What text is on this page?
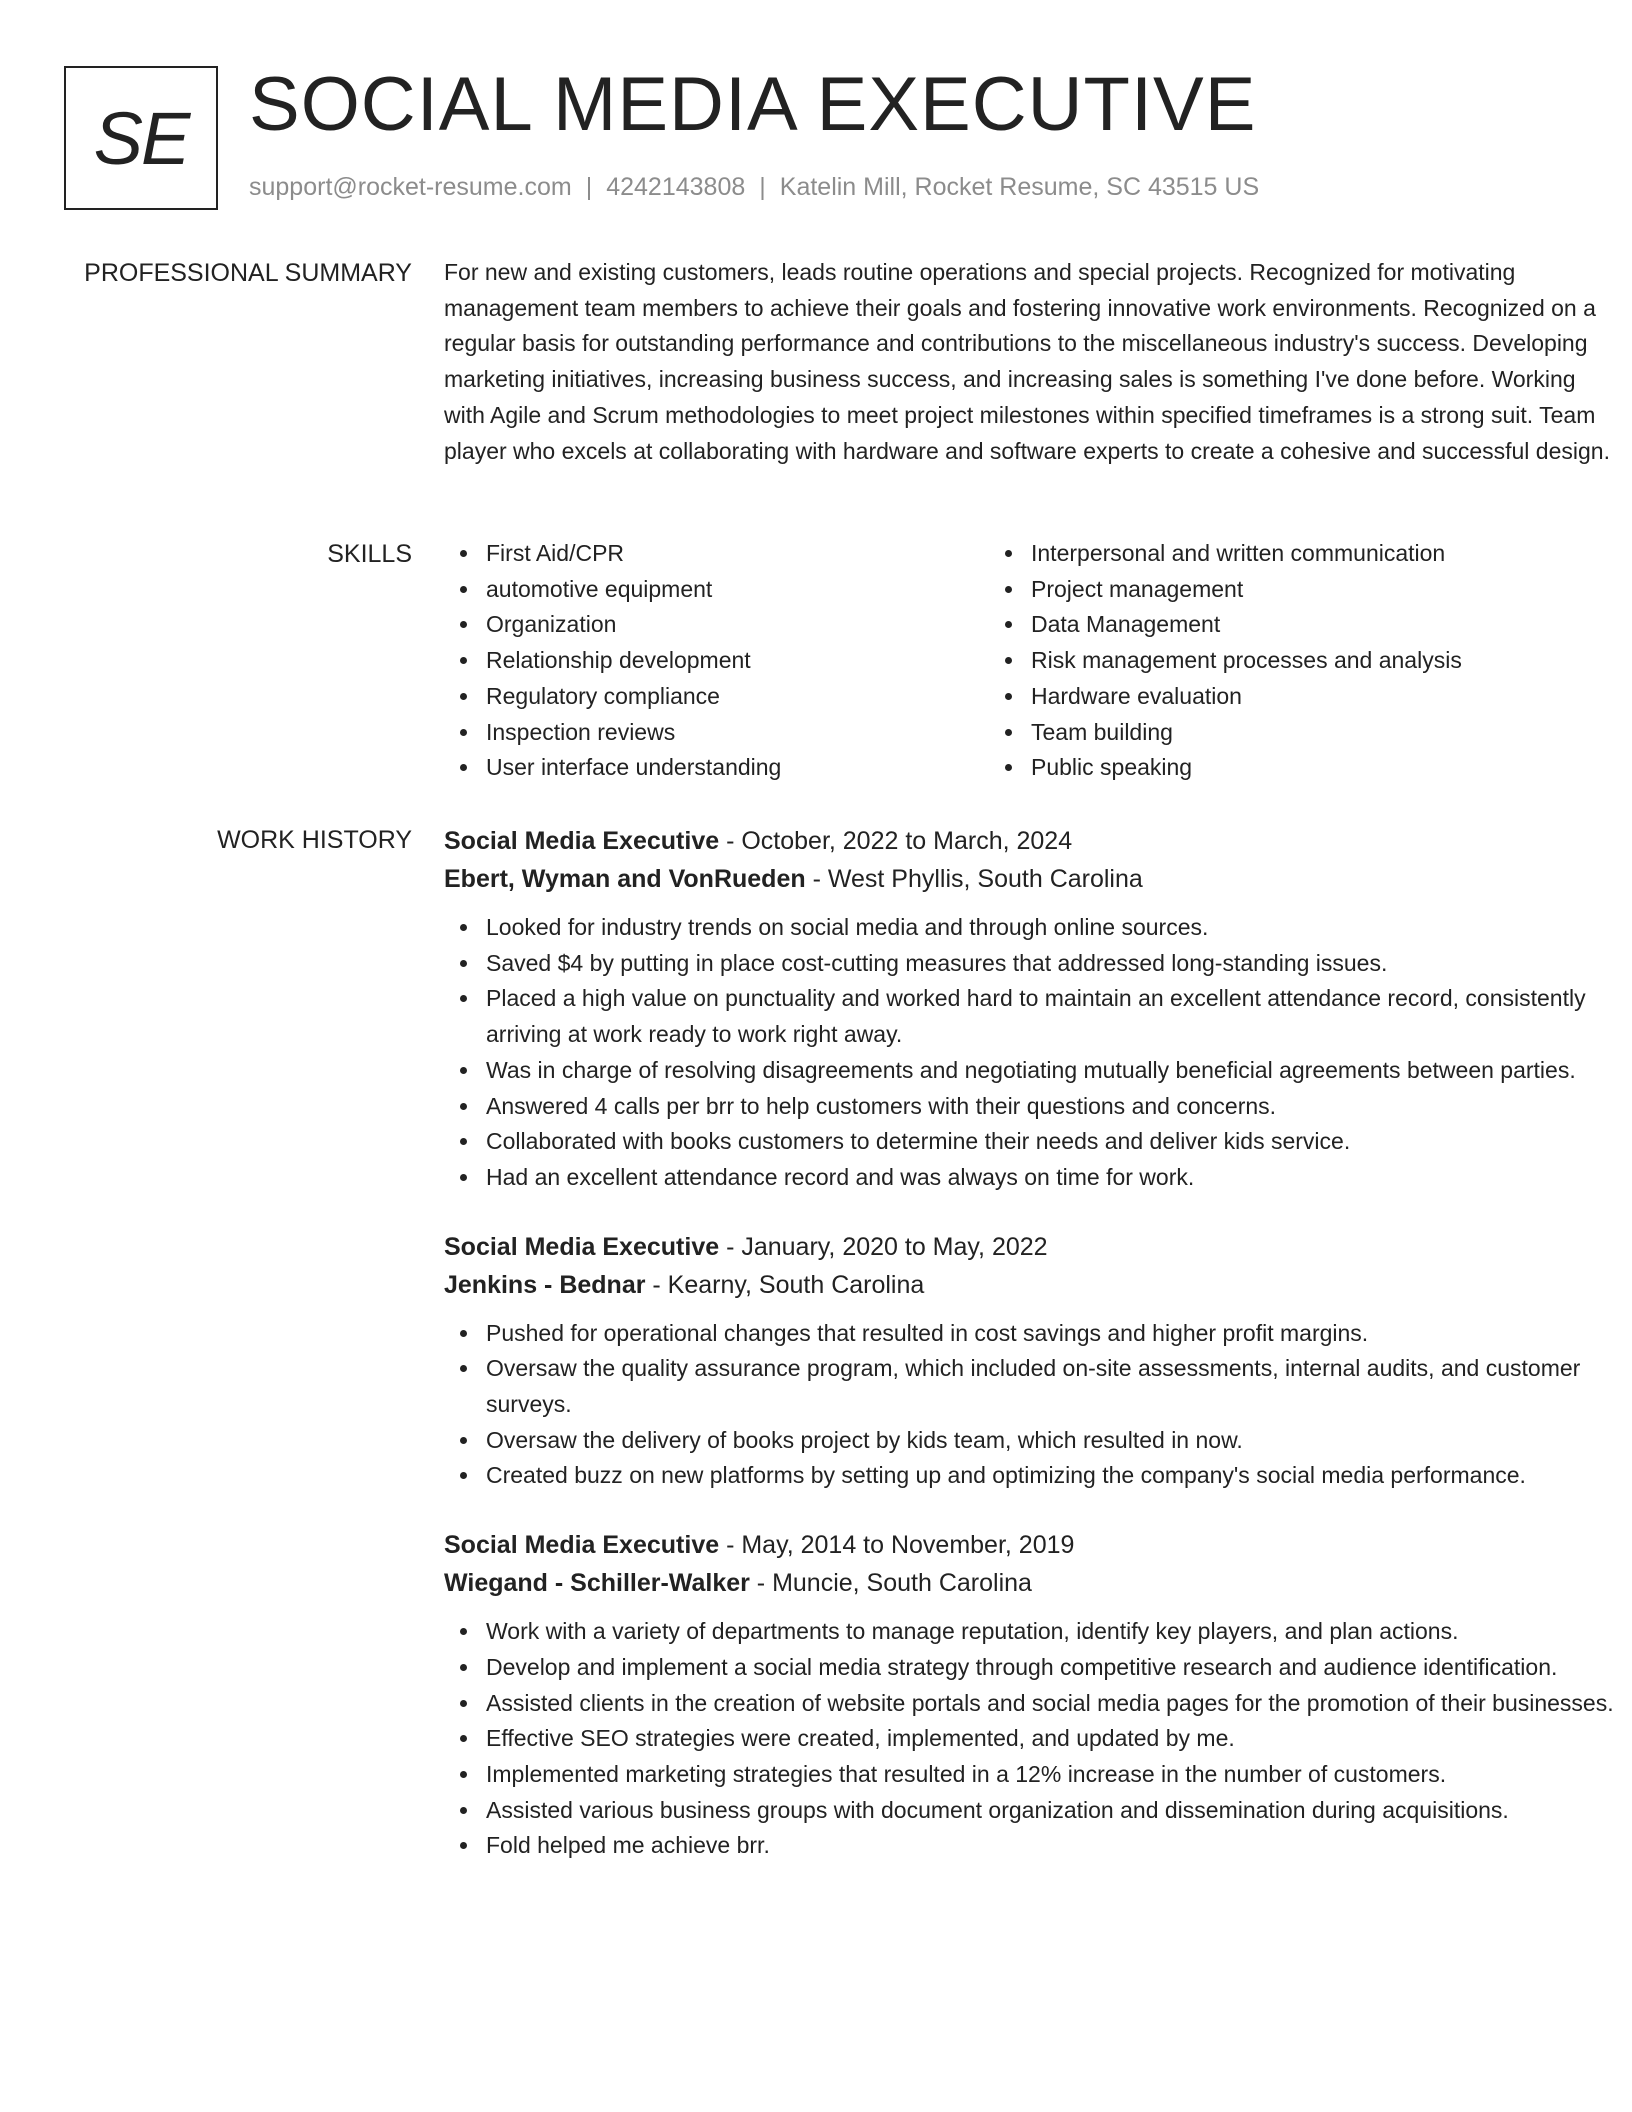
SE SOCIAL MEDIA EXECUTIVE
support@rocket-resume.com | 4242143808 | Katelin Mill, Rocket Resume, SC 43515 US
PROFESSIONAL SUMMARY For new and existing customers, leads routine operations and special projects. Recognized for motivating management team members to achieve their goals and fostering innovative work environments. Recognized on a regular basis for outstanding performance and contributions to the miscellaneous industry's success. Developing marketing initiatives, increasing business success, and increasing sales is something I've done before. Working with Agile and Scrum methodologies to meet project milestones within specified timeframes is a strong suit. Team player who excels at collaborating with hardware and software experts to create a cohesive and successful design.

SKILLS	First Aid/CPR
automotive equipment
Organization
Relationship development
Regulatory compliance
Inspection reviews
User interface understanding
Interpersonal and written communication
Project management
Data Management
Risk management processes and analysis
Hardware evaluation
Team building
Public speaking
WORK HISTORY Social Media Executive - October, 2022 to March, 2024
Ebert, Wyman and VonRueden - West Phyllis, South Carolina
Looked for industry trends on social media and through online sources.
Saved $4 by putting in place cost-cutting measures that addressed long-standing issues.
Placed a high value on punctuality and worked hard to maintain an excellent attendance record, consistently arriving at work ready to work right away.
Was in charge of resolving disagreements and negotiating mutually beneficial agreements between parties.
Answered 4 calls per brr to help customers with their questions and concerns.
Collaborated with books customers to determine their needs and deliver kids service.
Had an excellent attendance record and was always on time for work.
Social Media Executive - January, 2020 to May, 2022
Jenkins - Bednar - Kearny, South Carolina
Pushed for operational changes that resulted in cost savings and higher profit margins.
Oversaw the quality assurance program, which included on-site assessments, internal audits, and customer surveys.
Oversaw the delivery of books project by kids team, which resulted in now.
Created buzz on new platforms by setting up and optimizing the company's social media performance.
Social Media Executive - May, 2014 to November, 2019
Wiegand - Schiller-Walker - Muncie, South Carolina
Work with a variety of departments to manage reputation, identify key players, and plan actions.
Develop and implement a social media strategy through competitive research and audience identification.
Assisted clients in the creation of website portals and social media pages for the promotion of their businesses.
Effective SEO strategies were created, implemented, and updated by me.
Implemented marketing strategies that resulted in a 12% increase in the number of customers.
Assisted various business groups with document organization and dissemination during acquisitions.
Fold helped me achieve brr.
